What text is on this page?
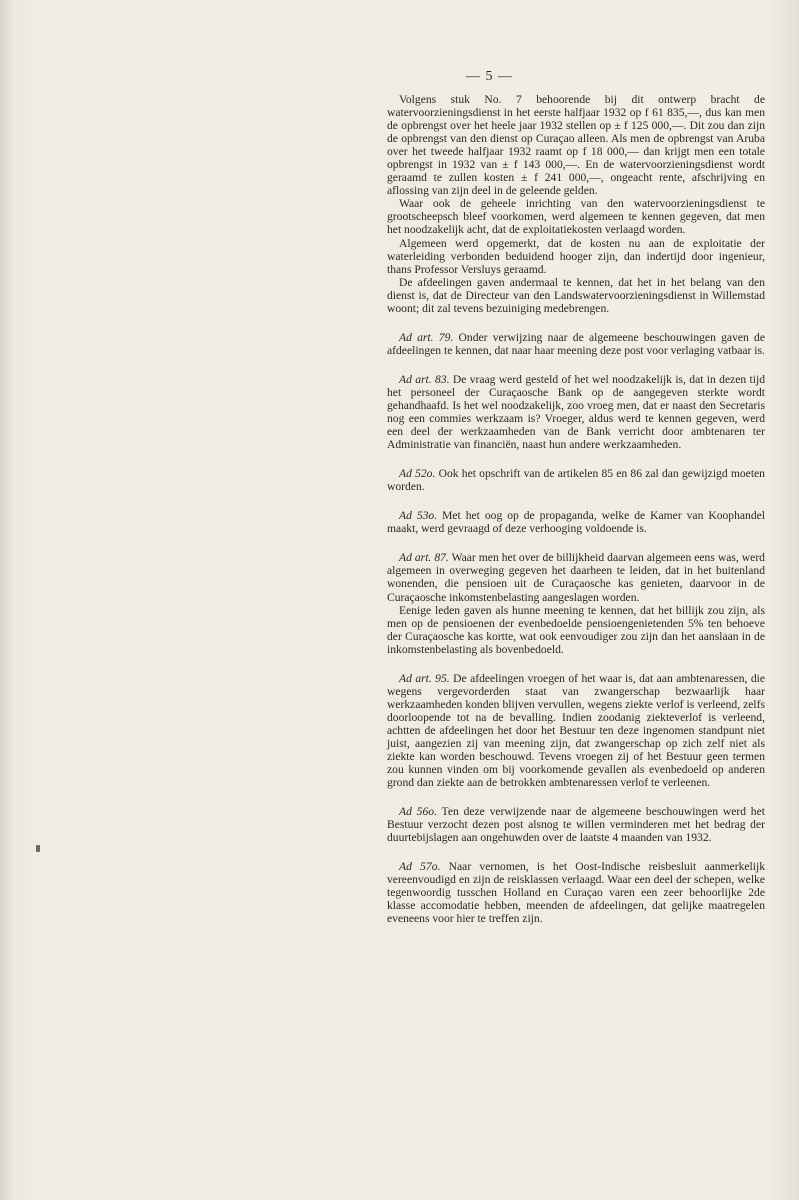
— 5 —

Volgens stuk No. 7 behoorende bij dit ontwerp bracht de watervoorzieningsdienst in het eerste halfjaar 1932 op f 61 835,—, dus kan men de opbrengst over het heele jaar 1932 stellen op ± f 125 000,—. Dit zou dan zijn de opbrengst van den dienst op Curaçao alleen. Als men de opbrengst van Aruba over het tweede halfjaar 1932 raamt op f 18 000,— dan krijgt men een totale opbrengst in 1932 van ± f 143 000,—. En de watervoorzieningsdienst wordt geraamd te zullen kosten ± f 241 000,—, ongeacht rente, afschrijving en aflossing van zijn deel in de geleende gelden.

Waar ook de geheele inrichting van den watervoorzieningsdienst te grootscheepsch bleef voorkomen, werd algemeen te kennen gegeven, dat men het noodzakelijk acht, dat de exploitatiekosten verlaagd worden.

Algemeen werd opgemerkt, dat de kosten nu aan de exploitatie der waterleiding verbonden beduidend hooger zijn, dan indertijd door ingenieur, thans Professor Versluys geraamd.

De afdeelingen gaven andermaal te kennen, dat het in het belang van den dienst is, dat de Directeur van den Landswatervoorzieningsdienst in Willemstad woont; dit zal tevens bezuiniging medebrengen.

Ad art. 79. Onder verwijzing naar de algemeene beschouwingen gaven de afdeelingen te kennen, dat naar haar meening deze post voor verlaging vatbaar is.

Ad art. 83. De vraag werd gesteld of het wel noodzakelijk is, dat in dezen tijd het personeel der Curaçaosche Bank op de aangegeven sterkte wordt gehandhaafd. Is het wel noodzakelijk, zoo vroeg men, dat er naast den Secretaris nog een commies werkzaam is? Vroeger, aldus werd te kennen gegeven, werd een deel der werkzaamheden van de Bank verricht door ambtenaren ter Administratie van financiën, naast hun andere werkzaamheden.

Ad 52o. Ook het opschrift van de artikelen 85 en 86 zal dan gewijzigd moeten worden.

Ad 53o. Met het oog op de propaganda, welke de Kamer van Koophandel maakt, werd gevraagd of deze verhooging voldoende is.

Ad art. 87. Waar men het over de billijkheid daarvan algemeen eens was, werd algemeen in overweging gegeven het daarheen te leiden, dat in het buitenland wonenden, die pensioen uit de Curaçaosche kas genieten, daarvoor in de Curaçaosche inkomstenbelasting aangeslagen worden.

Eenige leden gaven als hunne meening te kennen, dat het billijk zou zijn, als men op de pensioenen der evenbedoelde pensioengenietenden 5% ten behoeve der Curaçaosche kas kortte, wat ook eenvoudiger zou zijn dan het aanslaan in de inkomstenbelasting als bovenbedoeld.

Ad art. 95. De afdeelingen vroegen of het waar is, dat aan ambtenaressen, die wegens vergevorderden staat van zwangerschap bezwaarlijk haar werkzaamheden konden blijven vervullen, wegens ziekte verlof is verleend, zelfs doorloopende tot na de bevalling. Indien zoodanig ziekteverlof is verleend, achtten de afdeelingen het door het Bestuur ten deze ingenomen standpunt niet juist, aangezien zij van meening zijn, dat zwangerschap op zich zelf niet als ziekte kan worden beschouwd. Tevens vroegen zij of het Bestuur geen termen zou kunnen vinden om bij voorkomende gevallen als evenbedoeld op anderen grond dan ziekte aan de betrokken ambtenaressen verlof te verleenen.

Ad 56o. Ten deze verwijzende naar de algemeene beschouwingen werd het Bestuur verzocht dezen post alsnog te willen verminderen met het bedrag der duurtebijslagen aan ongehuwden over de laatste 4 maanden van 1932.

Ad 57o. Naar vernomen, is het Oost-Indische reisbesluit aanmerkelijk vereenvoudigd en zijn de reisklassen verlaagd. Waar een deel der schepen, welke tegenwoordig tusschen Holland en Curaçao varen een zeer behoorlijke 2de klasse accomodatie hebben, meenden de afdeelingen, dat gelijke maatregelen eveneens voor hier te treffen zijn.
